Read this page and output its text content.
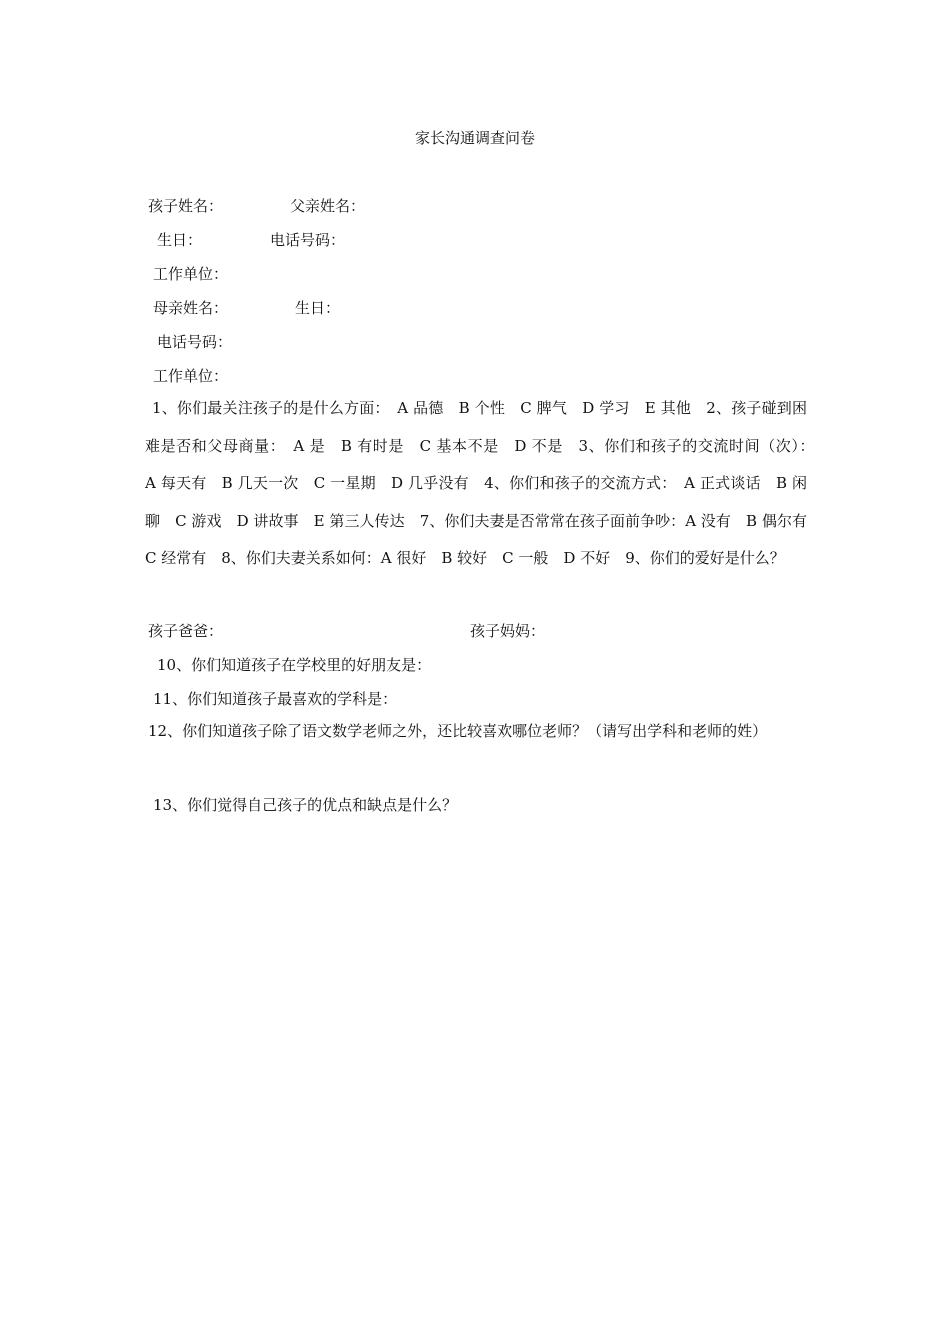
家长沟通调查问卷
孩子姓名：	父亲姓名：
生日：	电话号码：
工作单位：
母亲姓名：	生日：
电话号码：
工作单位：
1、你们最关注孩子的是什么方面：　A 品德　B 个性　C 脾气　D 学习　E 其他　2、孩子碰到困难是否和父母商量：　A 是　B 有时是　C 基本不是　D 不是　3、你们和孩子的交流时间（次）：　A 每天有　B 几天一次　C 一星期　D 几乎没有　4、你们和孩子的交流方式：　A 正式谈话　B 闲聊　C 游戏　D 讲故事　E 第三人传达　7、你们夫妻是否常常在孩子面前争吵：A 没有　B 偶尔有　C 经常有　8、你们夫妻关系如何：A 很好　B 较好　C 一般　D 不好　9、你们的爱好是什么？
孩子爸爸：	孩子妈妈：
10、你们知道孩子在学校里的好朋友是：
11、你们知道孩子最喜欢的学科是：
12、你们知道孩子除了语文数学老师之外，还比较喜欢哪位老师？（请写出学科和老师的姓）
13、你们觉得自己孩子的优点和缺点是什么？
